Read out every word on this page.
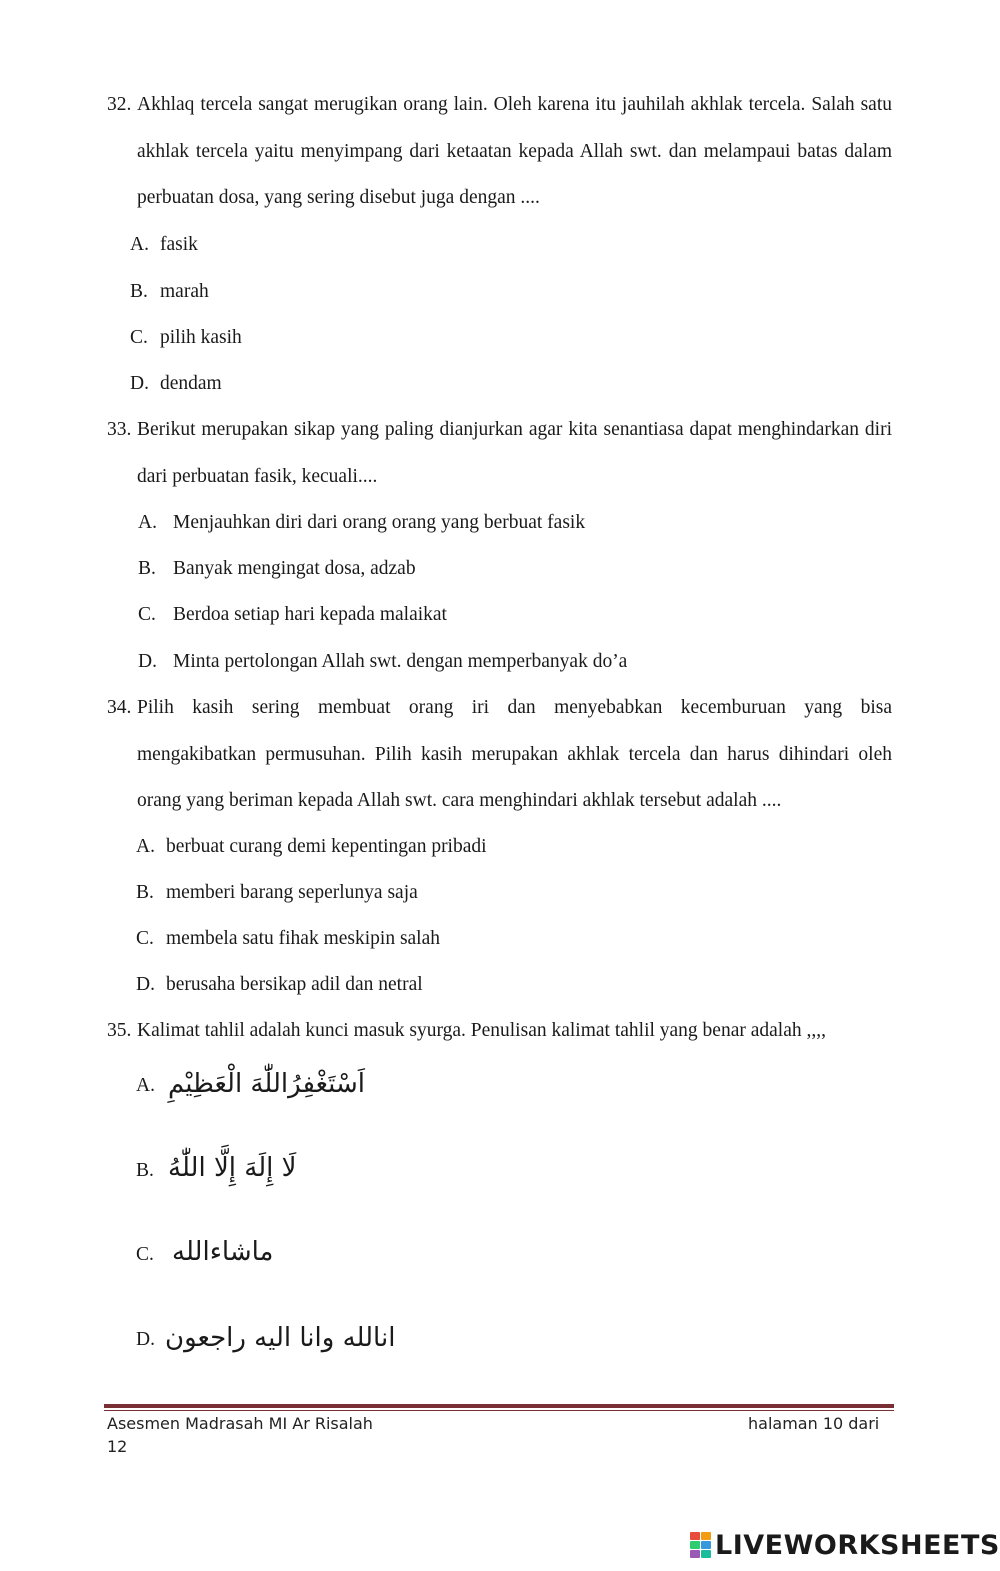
32. Akhlaq tercela sangat merugikan orang lain. Oleh karena itu jauhilah akhlak tercela. Salah satu akhlak tercela yaitu menyimpang dari ketaatan kepada Allah swt. dan melampaui batas dalam perbuatan dosa, yang sering disebut juga dengan ....
A. fasik
B. marah
C. pilih kasih
D. dendam
33. Berikut merupakan sikap yang paling dianjurkan agar kita senantiasa dapat menghindarkan diri dari perbuatan fasik, kecuali....
A. Menjauhkan diri dari orang orang yang berbuat fasik
B. Banyak mengingat dosa, adzab
C. Berdoa setiap hari kepada malaikat
D. Minta pertolongan Allah swt. dengan memperbanyak do’a
34. Pilih kasih sering membuat orang iri dan menyebabkan kecemburuan yang bisa
mengakibatkan permusuhan. Pilih kasih merupakan akhlak tercela dan harus dihindari oleh orang yang beriman kepada Allah swt. cara menghindari akhlak tersebut adalah ....
A. berbuat curang demi kepentingan pribadi
B. memberi barang seperlunya saja
C. membela satu fihak meskipin salah
D. berusaha bersikap adil dan netral
35. Kalimat tahlil adalah kunci masuk syurga. Penulisan kalimat tahlil yang benar adalah ,,,,
A. اَسْتَغْفِرُاللّٰهَ الْعَظِيْمِ
B. لَا إِلَهَ إِلَّا اللّٰهُ
C. ماشاءالله
D. انالله وانا اليه راجعون
Asesmen Madrasah MI Ar Risalah	halaman 10 dari
12
LIVEWORKSHEETS
